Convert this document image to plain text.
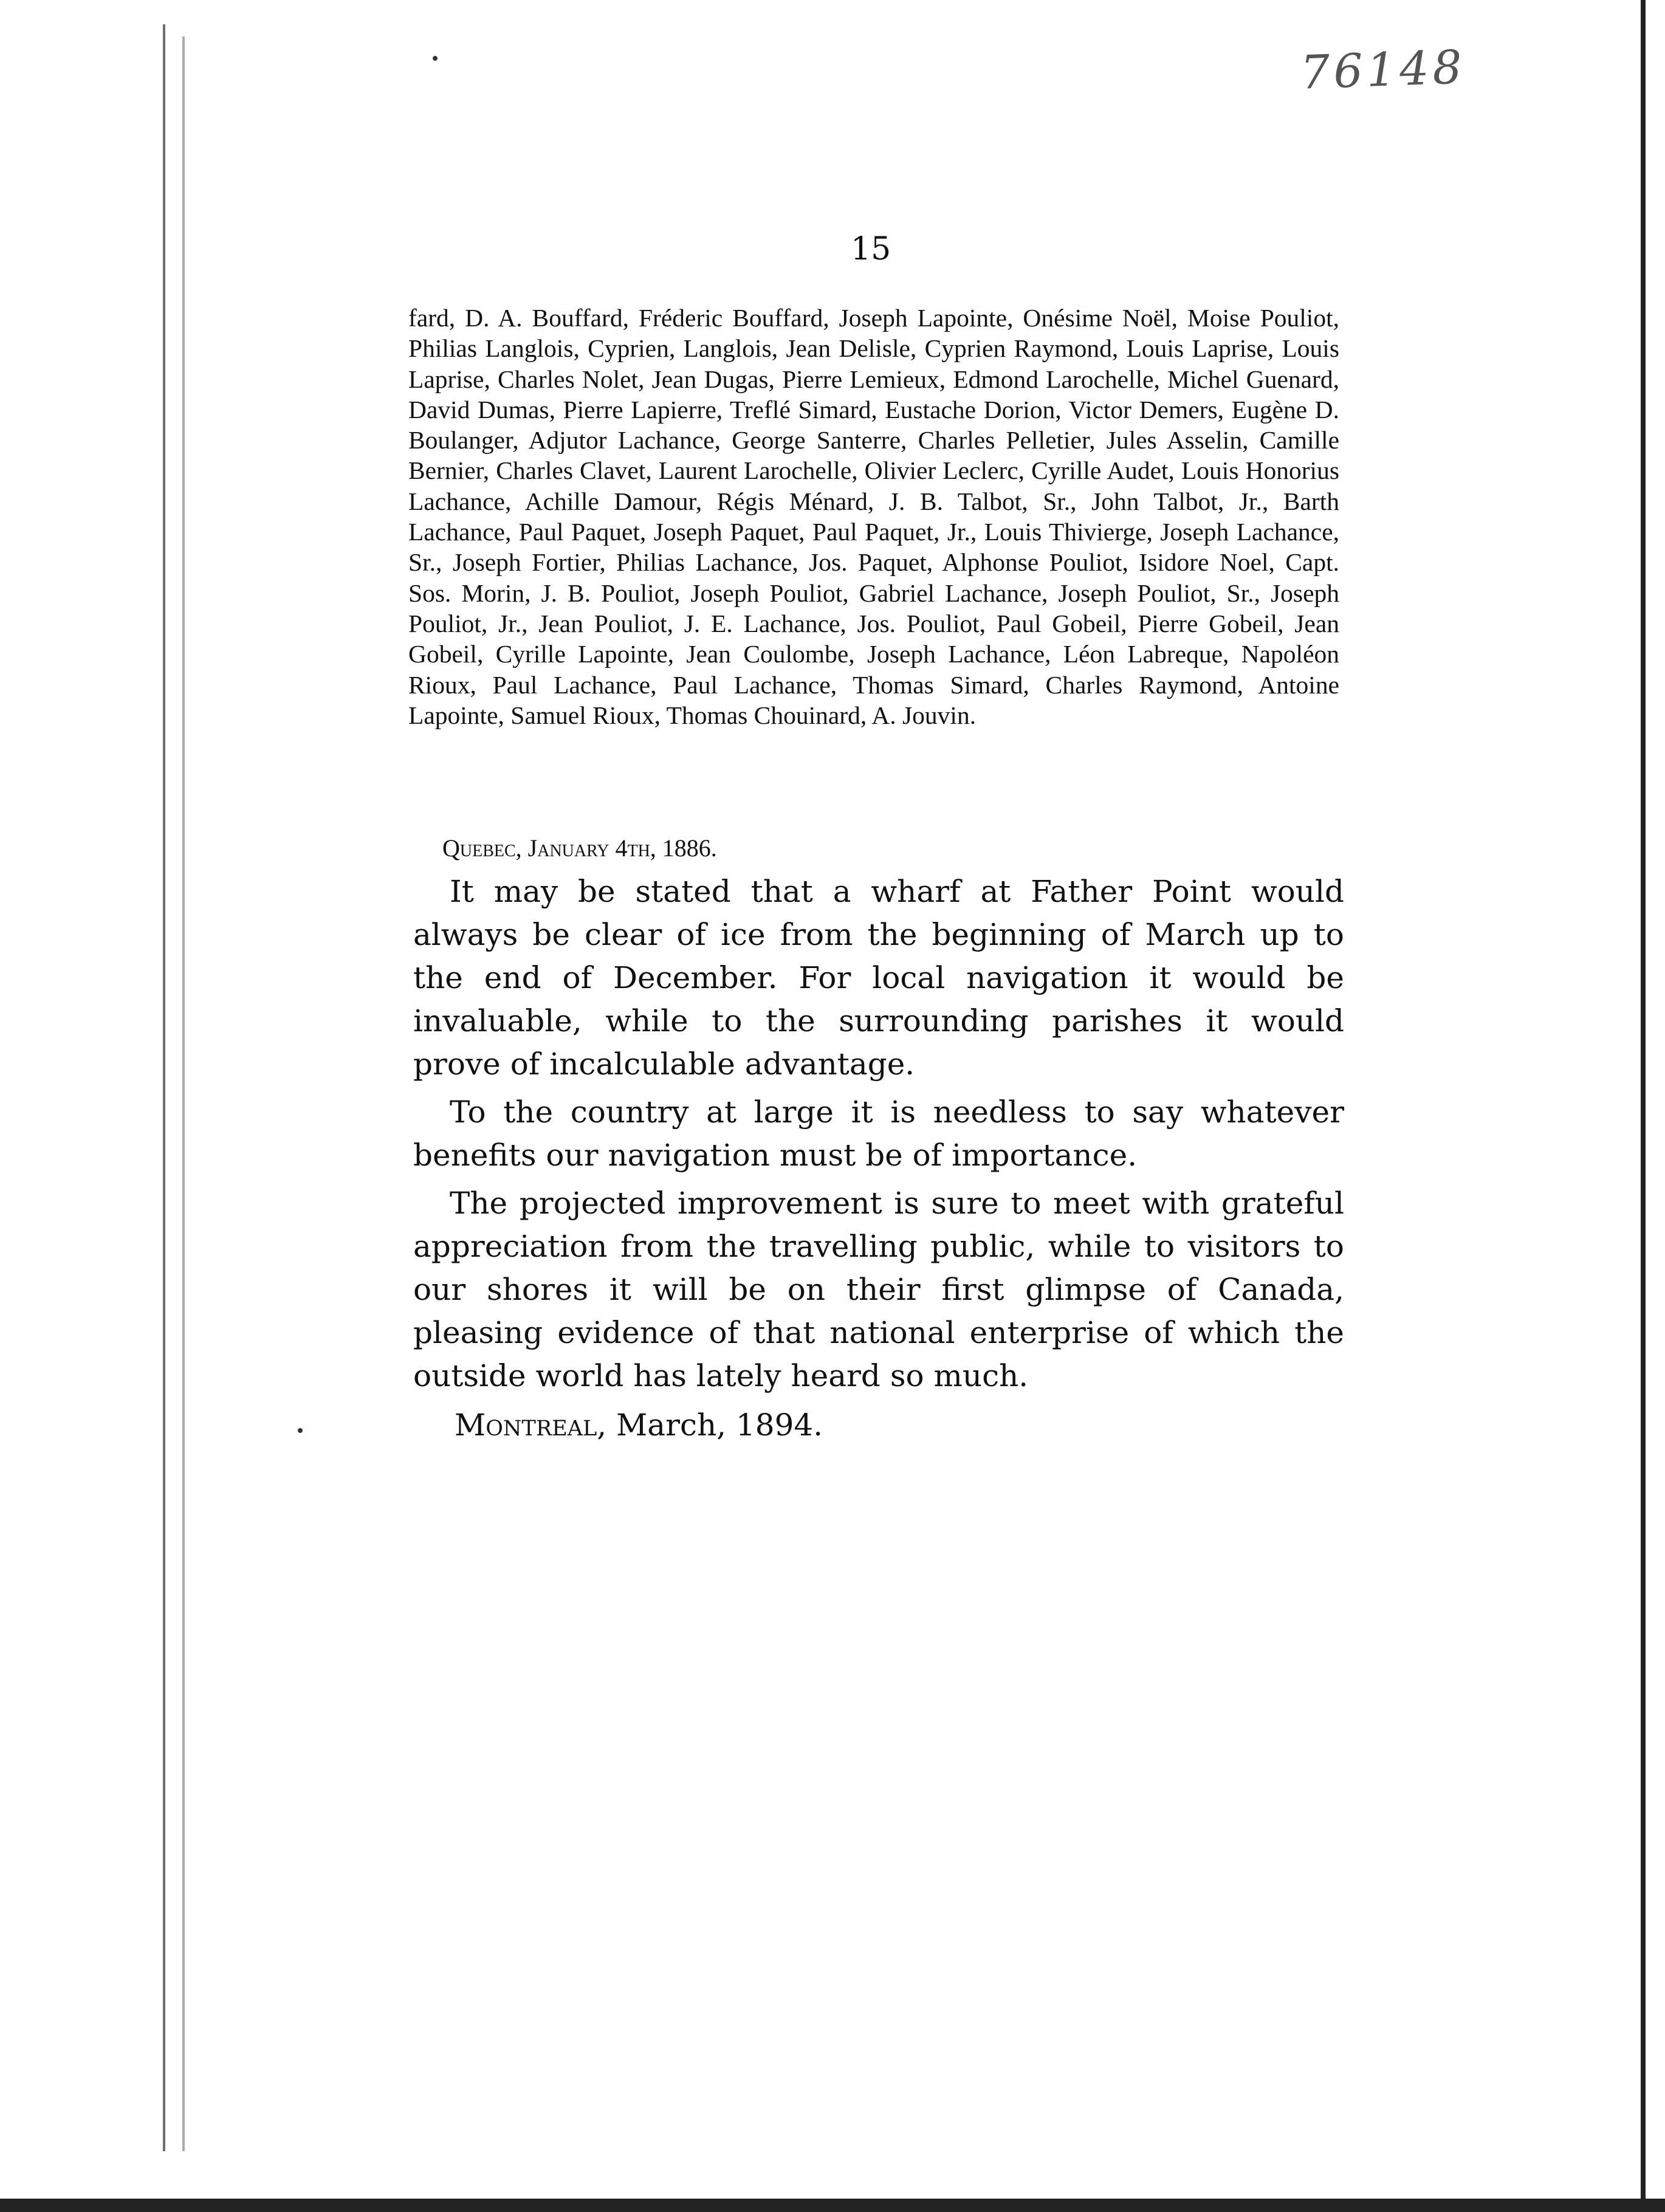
76148
15
fard, D. A. Bouffard, Fréderic Bouffard, Joseph Lapointe, Onésime Noël, Moise Pouliot, Philias Langlois, Cyprien, Langlois, Jean Delisle, Cyprien Raymond, Louis Laprise, Louis Laprise, Charles Nolet, Jean Dugas, Pierre Lemieux, Edmond Larochelle, Michel Guenard, David Dumas, Pierre Lapierre, Treflé Simard, Eustache Dorion, Victor Demers, Eugène D. Boulanger, Adjutor Lachance, George Santerre, Charles Pelletier, Jules Asselin, Camille Bernier, Charles Clavet, Laurent Larochelle, Olivier Leclerc, Cyrille Audet, Louis Honorius Lachance, Achille Damour, Régis Ménard, J. B. Talbot, Sr., John Talbot, Jr., Barth Lachance, Paul Paquet, Joseph Paquet, Paul Paquet, Jr., Louis Thivierge, Joseph Lachance, Sr., Joseph Fortier, Philias Lachance, Jos. Paquet, Alphonse Pouliot, Isidore Noel, Capt. Sos. Morin, J. B. Pouliot, Joseph Pouliot, Gabriel Lachance, Joseph Pouliot, Sr., Joseph Pouliot, Jr., Jean Pouliot, J. E. Lachance, Jos. Pouliot, Paul Gobeil, Pierre Gobeil, Jean Gobeil, Cyrille Lapointe, Jean Coulombe, Joseph Lachance, Léon Labreque, Napoléon Rioux, Paul Lachance, Paul Lachance, Thomas Simard, Charles Raymond, Antoine Lapointe, Samuel Rioux, Thomas Chouinard, A. Jouvin.
Quebec, January 4th, 1886.

It may be stated that a wharf at Father Point would always be clear of ice from the beginning of March up to the end of December. For local navigation it would be invaluable, while to the surrounding parishes it would prove of incalculable advantage.

To the country at large it is needless to say whatever benefits our navigation must be of importance.

The projected improvement is sure to meet with grateful appreciation from the travelling public, while to visitors to our shores it will be on their first glimpse of Canada, pleasing evidence of that national enterprise of which the outside world has lately heard so much.

Montreal, March, 1894.
